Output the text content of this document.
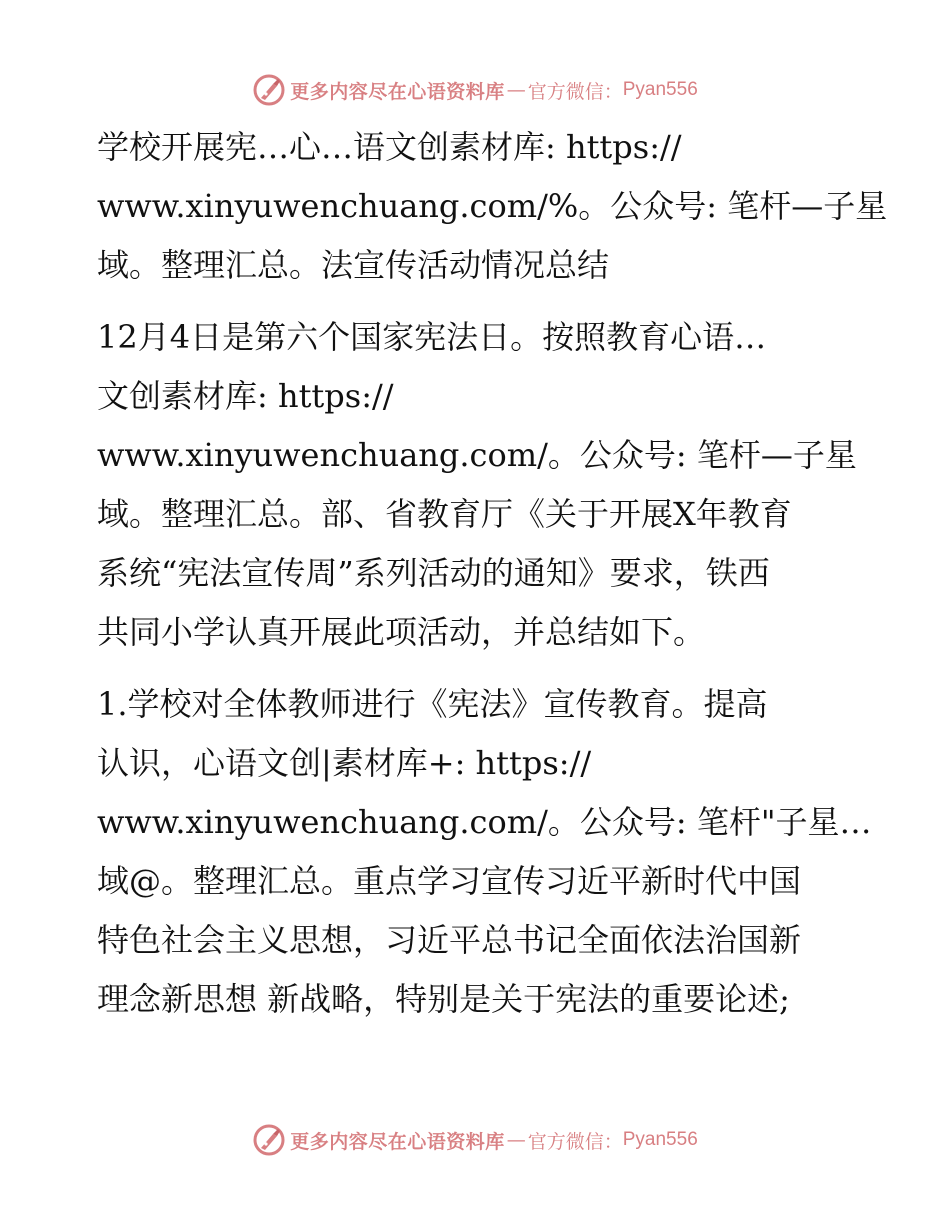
更多内容尽在心语资料库 — 官方微信： Pyan556
学校开展宪…心…语文创素材库: https://
www.xinyuwenchuang.com/%。公众号: 笔杆—子星
域。整理汇总。法宣传活动情况总结
12月4日是第六个国家宪法日。按照教育心语…
文创素材库: https://
www.xinyuwenchuang.com/。公众号: 笔杆—子星
域。整理汇总。部、省教育厅《关于开展X年教育
系统“宪法宣传周”系列活动的通知》要求，铁西
共同小学认真开展此项活动，并总结如下。
1.学校对全体教师进行《宪法》宣传教育。提高
认识，心语文创|素材库+: https://
www.xinyuwenchuang.com/。公众号: 笔杆"子星…
域@。整理汇总。重点学习宣传习近平新时代中国
特色社会主义思想，习近平总书记全面依法治国新
理念新思想 新战略，特别是关于宪法的重要论述;
更多内容尽在心语资料库 — 官方微信： Pyan556
